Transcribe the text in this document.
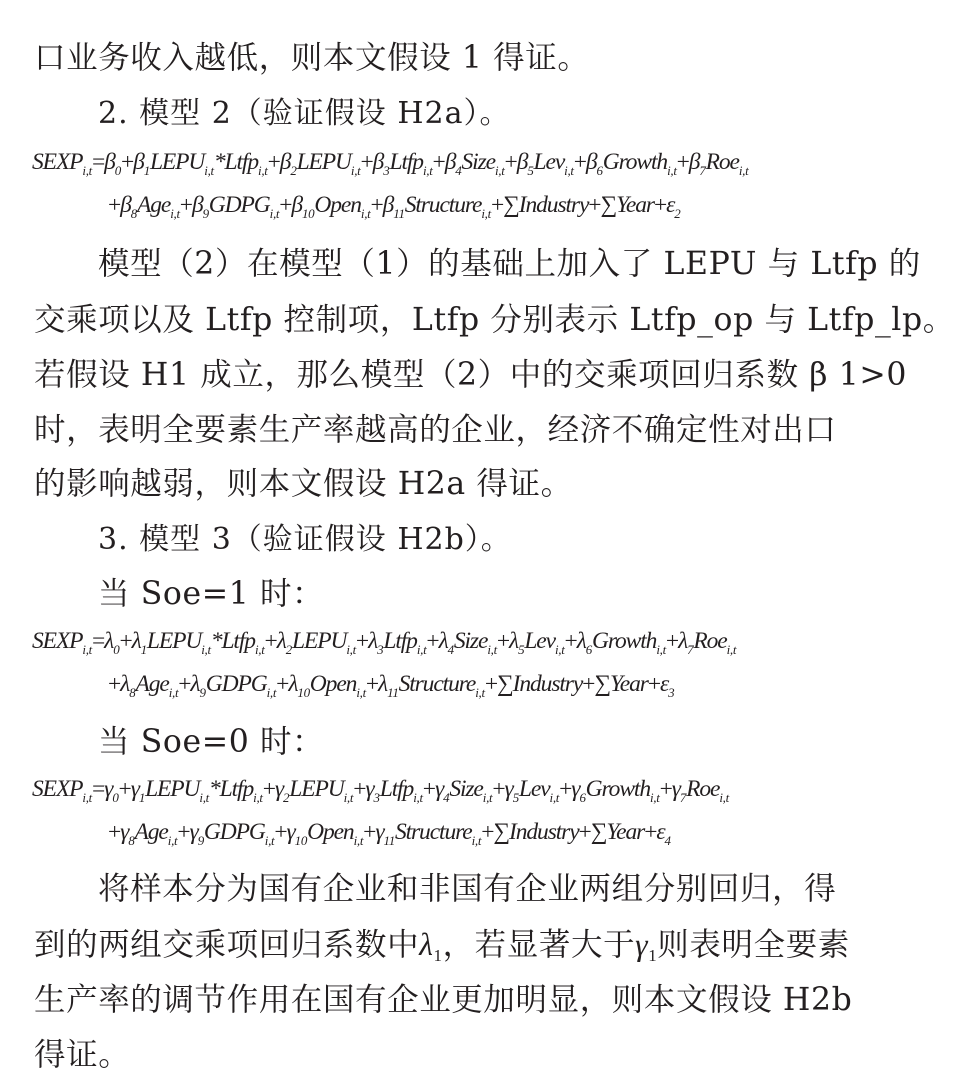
口业务收入越低，则本文假设 1 得证。
2. 模型 2（验证假设 H2a）。
$SEXP_{i,t}=\beta_0+\beta_1LEPU_{i,t}*Ltfp_{i,t}+\beta_2LEPU_{i,t}+\beta_3Ltfp_{i,t}+\beta_4Size_{i,t}+\beta_5Lev_{i,t}+\beta_6Growth_{i,t}+\beta_7Roe_{i,t}$
$+\beta_8Age_{i,t}+\beta_9GDPG_{i,t}+\beta_{10}Open_{i,t}+\beta_{11}Structure_{i,t}+\sum Industry+\sum Year+\varepsilon_2$
模型（2）在模型（1）的基础上加入了 LEPU 与 Ltfp 的
交乘项以及 Ltfp 控制项，Ltfp 分别表示 Ltfp_op 与 Ltfp_lp。
若假设 H1 成立，那么模型（2）中的交乘项回归系数 β 1>0
时，表明全要素生产率越高的企业，经济不确定性对出口
的影响越弱，则本文假设 H2a 得证。
3. 模型 3（验证假设 H2b）。
当 Soe=1 时：
$SEXP_{i,t}=\lambda_0+\lambda_1LEPU_{i,t}*Ltfp_{i,t}+\lambda_2LEPU_{i,t}+\lambda_3Ltfp_{i,t}+\lambda_4Size_{i,t}+\lambda_5Lev_{i,t}+\lambda_6Growth_{i,t}+\lambda_7Roe_{i,t}$
$+\lambda_8Age_{i,t}+\lambda_9GDPG_{i,t}+\lambda_{10}Open_{i,t}+\lambda_{11}Structure_{i,t}+\sum Industry+\sum Year+\varepsilon_3$
当 Soe=0 时：
$SEXP_{i,t}=\gamma_0+\gamma_1LEPU_{i,t}*Ltfp_{i,t}+\gamma_2LEPU_{i,t}+\gamma_3Ltfp_{i,t}+\gamma_4Size_{i,t}+\gamma_5Lev_{i,t}+\gamma_6Growth_{i,t}+\gamma_7Roe_{i,t}$
$+\gamma_8Age_{i,t}+\gamma_9GDPG_{i,t}+\gamma_{10}Open_{i,t}+\gamma_{11}Structure_{i,t}+\sum Industry+\sum Year+\varepsilon_4$
将样本分为国有企业和非国有企业两组分别回归，得
到的两组交乘项回归系数中$\lambda_1$，若显著大于$\gamma_1$则表明全要素
生产率的调节作用在国有企业更加明显，则本文假设 H2b
得证。
